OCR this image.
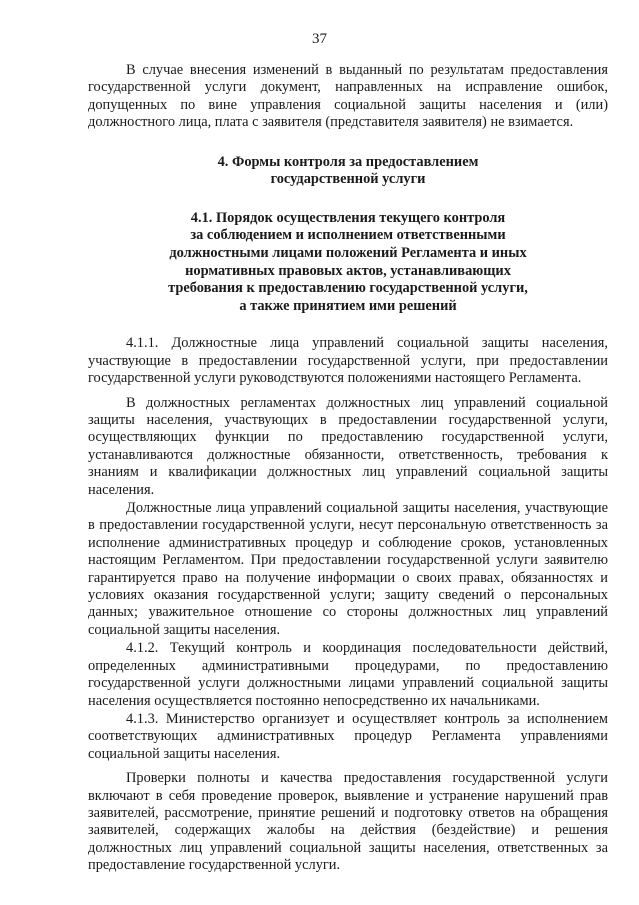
37

В случае внесения изменений в выданный по результатам предоставления государственной услуги документ, направленных на исправление ошибок, допущенных по вине управления социальной защиты населения и (или) должностного лица, плата с заявителя (представителя заявителя) не взимается.

4. Формы контроля за предоставлением
государственной услуги
4.1. Порядок осуществления текущего контроля
за соблюдением и исполнением ответственными
должностными лицами положений Регламента и иных
нормативных правовых актов, устанавливающих
требования к предоставлению государственной услуги,
а также принятием ими решений

4.1.1. Должностные лица управлений социальной защиты населения, участвующие в предоставлении государственной услуги, при предоставлении государственной услуги руководствуются положениями настоящего Регламента.

В должностных регламентах должностных лиц управлений социальной защиты населения, участвующих в предоставлении государственной услуги, осуществляющих функции по предоставлению государственной услуги, устанавливаются должностные обязанности, ответственность, требования к знаниям и квалификации должностных лиц управлений социальной защиты населения.

Должностные лица управлений социальной защиты населения, участвующие в предоставлении государственной услуги, несут персональную ответственность за исполнение административных процедур и соблюдение сроков, установленных настоящим Регламентом. При предоставлении государственной услуги заявителю гарантируется право на получение информации о своих правах, обязанностях и условиях оказания государственной услуги; защиту сведений о персональных данных; уважительное отношение со стороны должностных лиц управлений социальной защиты населения.

4.1.2. Текущий контроль и координация последовательности действий, определенных административными процедурами, по предоставлению государственной услуги должностными лицами управлений социальной защиты населения осуществляется постоянно непосредственно их начальниками.

4.1.3. Министерство организует и осуществляет контроль за исполнением соответствующих административных процедур Регламента управлениями социальной защиты населения.

Проверки полноты и качества предоставления государственной услуги включают в себя проведение проверок, выявление и устранение нарушений прав заявителей, рассмотрение, принятие решений и подготовку ответов на обращения заявителей, содержащих жалобы на действия (бездействие) и решения должностных лиц управлений социальной защиты населения, ответственных за предоставление государственной услуги.
